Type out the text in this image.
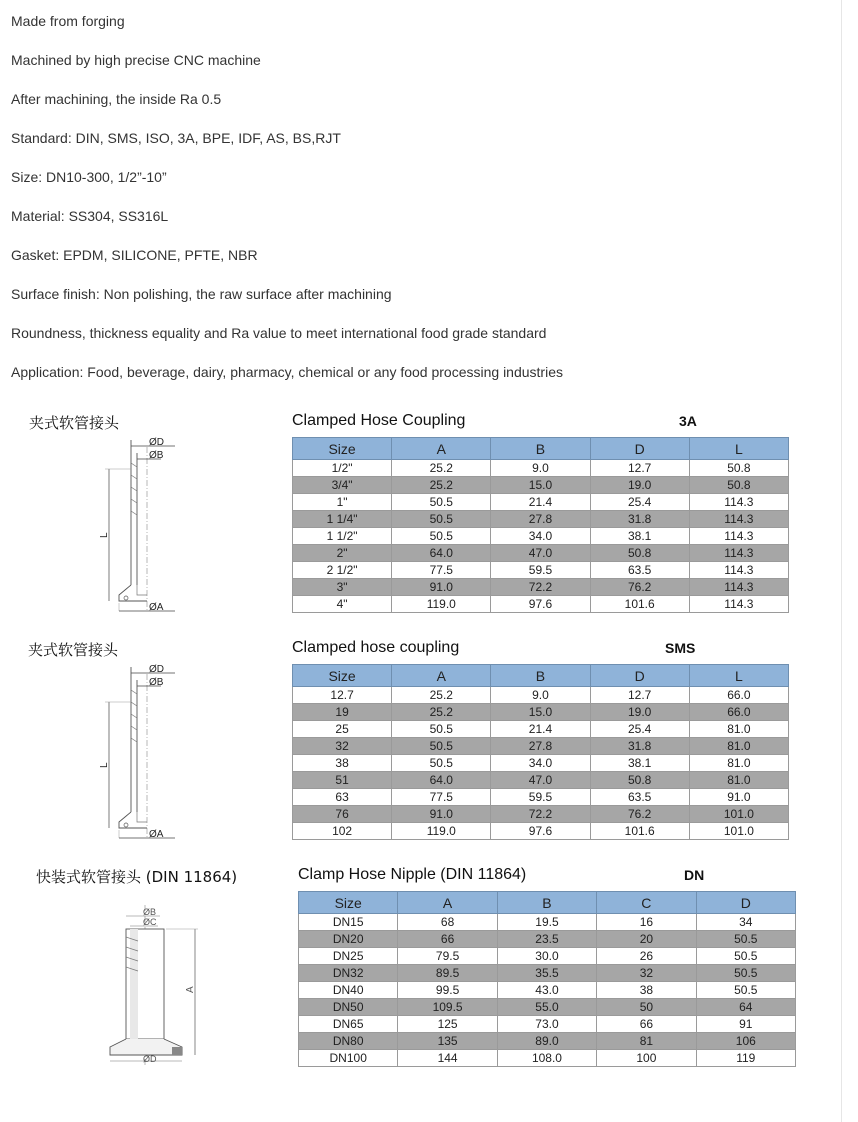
Made from forging
Machined by high precise CNC machine
After machining, the inside Ra 0.5
Standard: DIN, SMS, ISO, 3A, BPE, IDF, AS, BS,RJT
Size: DN10-300, 1/2”-10”
Material: SS304, SS316L
Gasket: EPDM, SILICONE, PFTE, NBR
Surface finish: Non polishing, the raw surface after machining
Roundness, thickness equality and Ra value to meet international food grade standard
Application: Food, beverage, dairy, pharmacy, chemical or any food processing industries
夹式软管接头
ØD
ØB
L
ØA
Clamped Hose Coupling	3A
Size	A	B	D	L
1/2"	25.2	9.0	12.7	50.8
3/4"	25.2	15.0	19.0	50.8
1"	50.5	21.4	25.4	114.3
1 1/4"	50.5	27.8	31.8	114.3
1 1/2"	50.5	34.0	38.1	114.3
2"	64.0	47.0	50.8	114.3
2 1/2"	77.5	59.5	63.5	114.3
3"	91.0	72.2	76.2	114.3
4"	119.0	97.6	101.6	114.3
夹式软管接头
ØD
ØB
L
ØA
Clamped hose coupling	SMS
Size	A	B	D	L
12.7	25.2	9.0	12.7	66.0
19	25.2	15.0	19.0	66.0
25	50.5	21.4	25.4	81.0
32	50.5	27.8	31.8	81.0
38	50.5	34.0	38.1	81.0
51	64.0	47.0	50.8	81.0
63	77.5	59.5	63.5	91.0
76	91.0	72.2	76.2	101.0
102	119.0	97.6	101.6	101.0
快装式软管接头 (DIN 11864)
ØB
ØC
A
ØD
Clamp Hose Nipple (DIN 11864)	DN
Size	A	B	C	D
DN15	68	19.5	16	34
DN20	66	23.5	20	50.5
DN25	79.5	30.0	26	50.5
DN32	89.5	35.5	32	50.5
DN40	99.5	43.0	38	50.5
DN50	109.5	55.0	50	64
DN65	125	73.0	66	91
DN80	135	89.0	81	106
DN100	144	108.0	100	119
